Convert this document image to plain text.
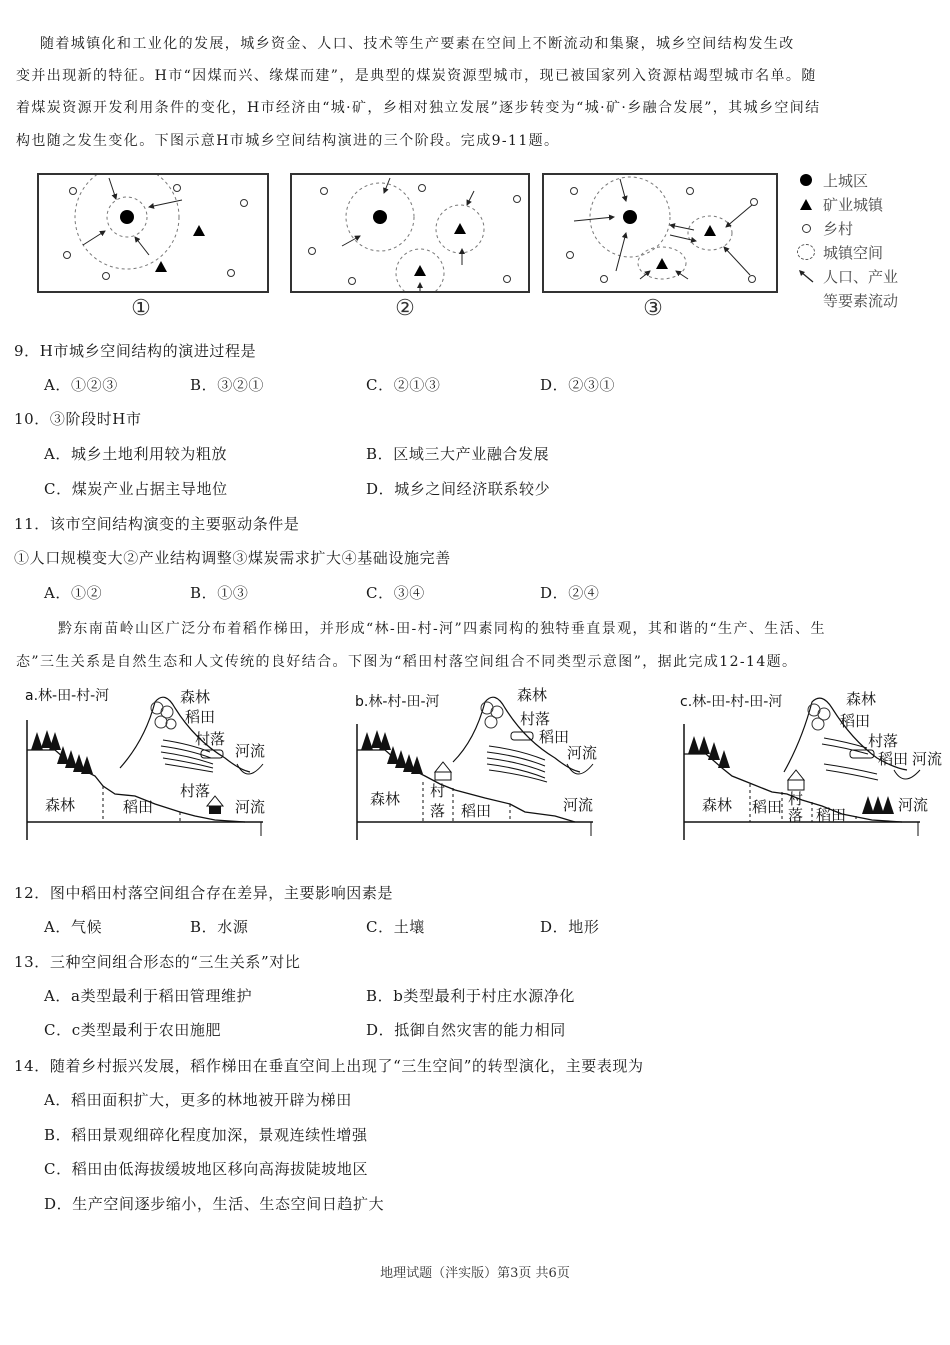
随着城镇化和工业化的发展，城乡资金、人口、技术等生产要素在空间上不断流动和集聚，城乡空间结构发生改
变并出现新的特征。H市“因煤而兴、缘煤而建”，是典型的煤炭资源型城市，现已被国家列入资源枯竭型城市名单。随
着煤炭资源开发利用条件的变化，H市经济由“城·矿，乡相对独立发展”逐步转变为“城·矿·乡融合发展”，其城乡空间结
构也随之发生变化。下图示意H市城乡空间结构演进的三个阶段。完成9-11题。
①	②	③
上城区
矿业城镇
乡村
城镇空间
人口、产业
等要素流动
9．H市城乡空间结构的演进过程是
A．①②③	B．③②①	C．②①③	D．②③①
10．③阶段时H市
A．城乡土地利用较为粗放	B．区域三大产业融合发展
C．煤炭产业占据主导地位	D．城乡之间经济联系较少
11．该市空间结构演变的主要驱动条件是
①人口规模变大②产业结构调整③煤炭需求扩大④基础设施完善
A．①②	B．①③	C．③④	D．②④
黔东南苗岭山区广泛分布着稻作梯田，并形成“林-田-村-河”四素同构的独特垂直景观，其和谐的“生产、生活、生
态”三生关系是自然生态和人文传统的良好结合。下图为“稻田村落空间组合不同类型示意图”，据此完成12-14题。
a.林-田-村-河
森林	稻田
村落
河流
森林
稻田
村落
河流
b.林-村-田-河
森林 村
落 稻田	河流
森林
村落
稻田
河流
c.林-田-村-田-河
森林 稻田 村
落 稻田
河流
森林
稻田
村落
稻田 河流
12．图中稻田村落空间组合存在差异，主要影响因素是
A．气候	B．水源	C．土壤	D．地形
13．三种空间组合形态的“三生关系”对比
A．a类型最利于稻田管理维护	B．b类型最利于村庄水源净化
C．c类型最利于农田施肥	D．抵御自然灾害的能力相同
14．随着乡村振兴发展，稻作梯田在垂直空间上出现了“三生空间”的转型演化，主要表现为
A．稻田面积扩大，更多的林地被开辟为梯田
B．稻田景观细碎化程度加深，景观连续性增强
C．稻田由低海拔缓坡地区移向高海拔陡坡地区
D．生产空间逐步缩小，生活、生态空间日趋扩大
地理试题（泮实版）第3页 共6页
